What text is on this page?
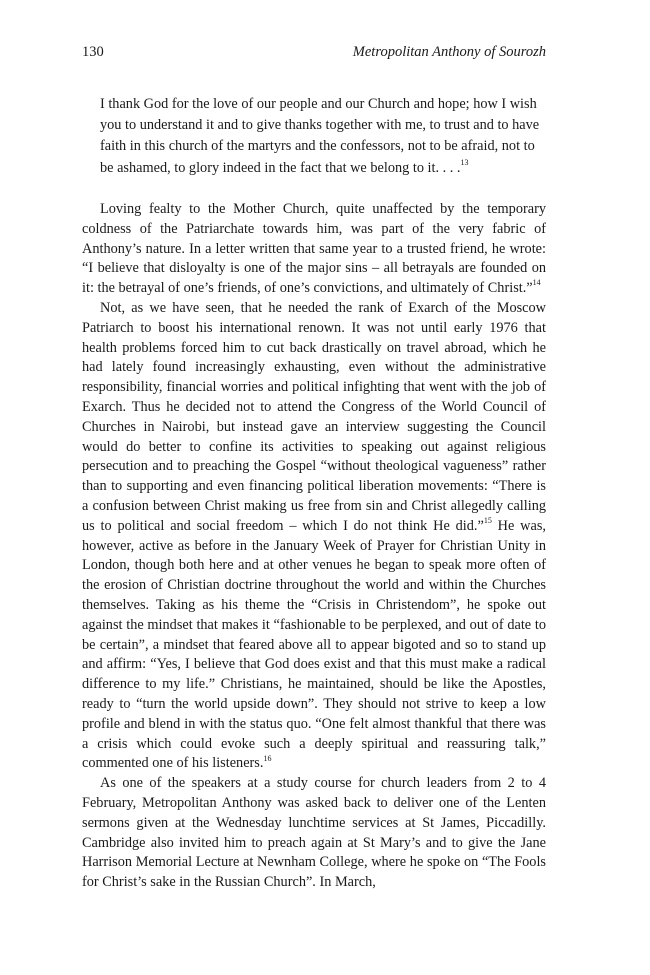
130	Metropolitan Anthony of Sourozh

I thank God for the love of our people and our Church and hope; how I wish you to understand it and to give thanks together with me, to trust and to have faith in this church of the martyrs and the confessors, not to be afraid, not to be ashamed, to glory indeed in the fact that we belong to it. . . .$^{13}$

Loving fealty to the Mother Church, quite unaffected by the temporary coldness of the Patriarchate towards him, was part of the very fabric of Anthony’s nature. In a letter written that same year to a trusted friend, he wrote: “I believe that disloyalty is one of the major sins – all betrayals are founded on it: the betrayal of one’s friends, of one’s convictions, and ultimately of Christ.”$^{14}$

Not, as we have seen, that he needed the rank of Exarch of the Moscow Patriarch to boost his international renown. It was not until early 1976 that health problems forced him to cut back drastically on travel abroad, which he had lately found increasingly exhausting, even without the administrative responsibility, financial worries and political infighting that went with the job of Exarch. Thus he decided not to attend the Congress of the World Council of Churches in Nairobi, but instead gave an interview suggesting the Council would do better to confine its activities to speaking out against religious persecution and to preaching the Gospel “without theological vagueness” rather than to supporting and even financing political liberation movements: “There is a confusion between Christ making us free from sin and Christ allegedly calling us to political and social freedom – which I do not think He did.”$^{15}$ He was, however, active as before in the January Week of Prayer for Christian Unity in London, though both here and at other venues he began to speak more often of the erosion of Christian doctrine throughout the world and within the Churches themselves. Taking as his theme the “Crisis in Christendom”, he spoke out against the mindset that makes it “fashionable to be perplexed, and out of date to be certain”, a mindset that feared above all to appear bigoted and so to stand up and affirm: “Yes, I believe that God does exist and that this must make a radical difference to my life.” Christians, he maintained, should be like the Apostles, ready to “turn the world upside down”. They should not strive to keep a low profile and blend in with the status quo. “One felt almost thankful that there was a crisis which could evoke such a deeply spiritual and reassuring talk,” commented one of his listeners.$^{16}$

As one of the speakers at a study course for church leaders from 2 to 4 February, Metropolitan Anthony was asked back to deliver one of the Lenten sermons given at the Wednesday lunchtime services at St James, Piccadilly. Cambridge also invited him to preach again at St Mary’s and to give the Jane Harrison Memorial Lecture at Newnham College, where he spoke on “The Fools for Christ’s sake in the Russian Church”. In March,
